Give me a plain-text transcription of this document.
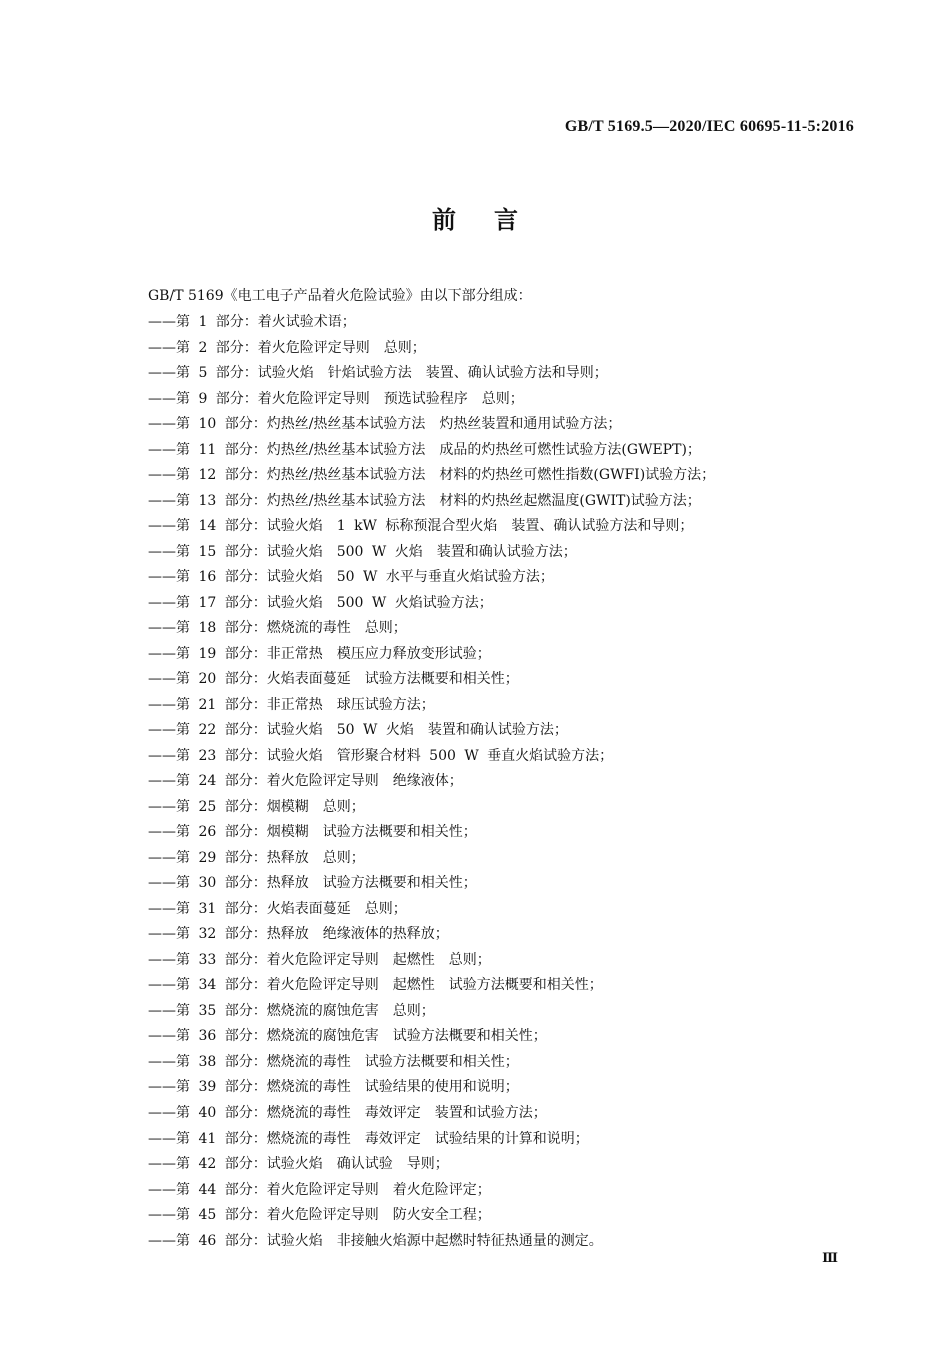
GB/T 5169.5—2020/IEC 60695-11-5:2016
前言
GB/T 5169《电工电子产品着火危险试验》由以下部分组成：
——第 1 部分：着火试验术语；
——第 2 部分：着火危险评定导则　总则；
——第 5 部分：试验火焰　针焰试验方法　装置、确认试验方法和导则；
——第 9 部分：着火危险评定导则　预选试验程序　总则；
——第 10 部分：灼热丝/热丝基本试验方法　灼热丝装置和通用试验方法；
——第 11 部分：灼热丝/热丝基本试验方法　成品的灼热丝可燃性试验方法(GWEPT)；
——第 12 部分：灼热丝/热丝基本试验方法　材料的灼热丝可燃性指数(GWFI)试验方法；
——第 13 部分：灼热丝/热丝基本试验方法　材料的灼热丝起燃温度(GWIT)试验方法；
——第 14 部分：试验火焰　1 kW 标称预混合型火焰　装置、确认试验方法和导则；
——第 15 部分：试验火焰　500 W 火焰　装置和确认试验方法；
——第 16 部分：试验火焰　50 W 水平与垂直火焰试验方法；
——第 17 部分：试验火焰　500 W 火焰试验方法；
——第 18 部分：燃烧流的毒性　总则；
——第 19 部分：非正常热　模压应力释放变形试验；
——第 20 部分：火焰表面蔓延　试验方法概要和相关性；
——第 21 部分：非正常热　球压试验方法；
——第 22 部分：试验火焰　50 W 火焰　装置和确认试验方法；
——第 23 部分：试验火焰　管形聚合材料 500 W 垂直火焰试验方法；
——第 24 部分：着火危险评定导则　绝缘液体；
——第 25 部分：烟模糊　总则；
——第 26 部分：烟模糊　试验方法概要和相关性；
——第 29 部分：热释放　总则；
——第 30 部分：热释放　试验方法概要和相关性；
——第 31 部分：火焰表面蔓延　总则；
——第 32 部分：热释放　绝缘液体的热释放；
——第 33 部分：着火危险评定导则　起燃性　总则；
——第 34 部分：着火危险评定导则　起燃性　试验方法概要和相关性；
——第 35 部分：燃烧流的腐蚀危害　总则；
——第 36 部分：燃烧流的腐蚀危害　试验方法概要和相关性；
——第 38 部分：燃烧流的毒性　试验方法概要和相关性；
——第 39 部分：燃烧流的毒性　试验结果的使用和说明；
——第 40 部分：燃烧流的毒性　毒效评定　装置和试验方法；
——第 41 部分：燃烧流的毒性　毒效评定　试验结果的计算和说明；
——第 42 部分：试验火焰　确认试验　导则；
——第 44 部分：着火危险评定导则　着火危险评定；
——第 45 部分：着火危险评定导则　防火安全工程；
——第 46 部分：试验火焰　非接触火焰源中起燃时特征热通量的测定。
Ⅲ
